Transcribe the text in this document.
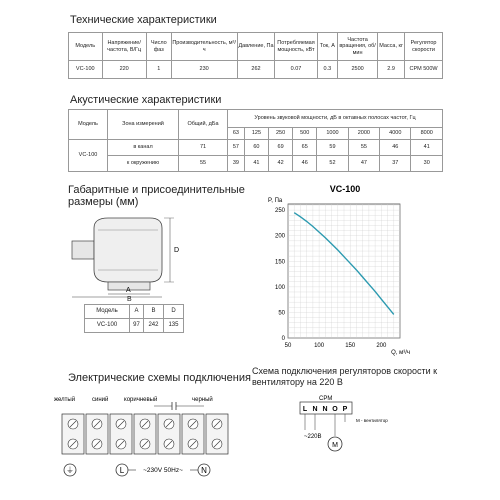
Технические характеристики
Модель	Напряжение/ частота, В/Гц	Число фаз	Производительность, м³/ч	Давление, Па	Потребляемая мощность, кВт	Ток, А	Частота вращения, об/мин	Масса, кг	Регулятор скорости
VC-100	220	1	230	262	0.07	0.3	2500	2.9	CPM 500W
Акустические характеристики
Модель	Зона измерений	Общий, дБа	Уровень звуковой мощности, дБ в октавных полосах частот, Гц							
			63	125	250	500	1000	2000	4000	8000
VC-100	в канал	71	57	60	69	65	59	55	46	41
	к окружению	55	39	41	42	46	52	47	37	30
Габаритные и присоединительные размеры (мм)
D
A
B
Модель	A	B	D
VC-100	97	242	135
VC-100
P, Па
Q, м³/ч
50	100	150	200
0
50
100
150
200
250
Электрические схемы подключения
желтый	синий	коричневый	черный
⏚	L	N
~230V 50Hz~
Схема подключения регуляторов скорости к вентилятору на 220 В
CPM
L N N O P
~220B
M
М - вентилятор
